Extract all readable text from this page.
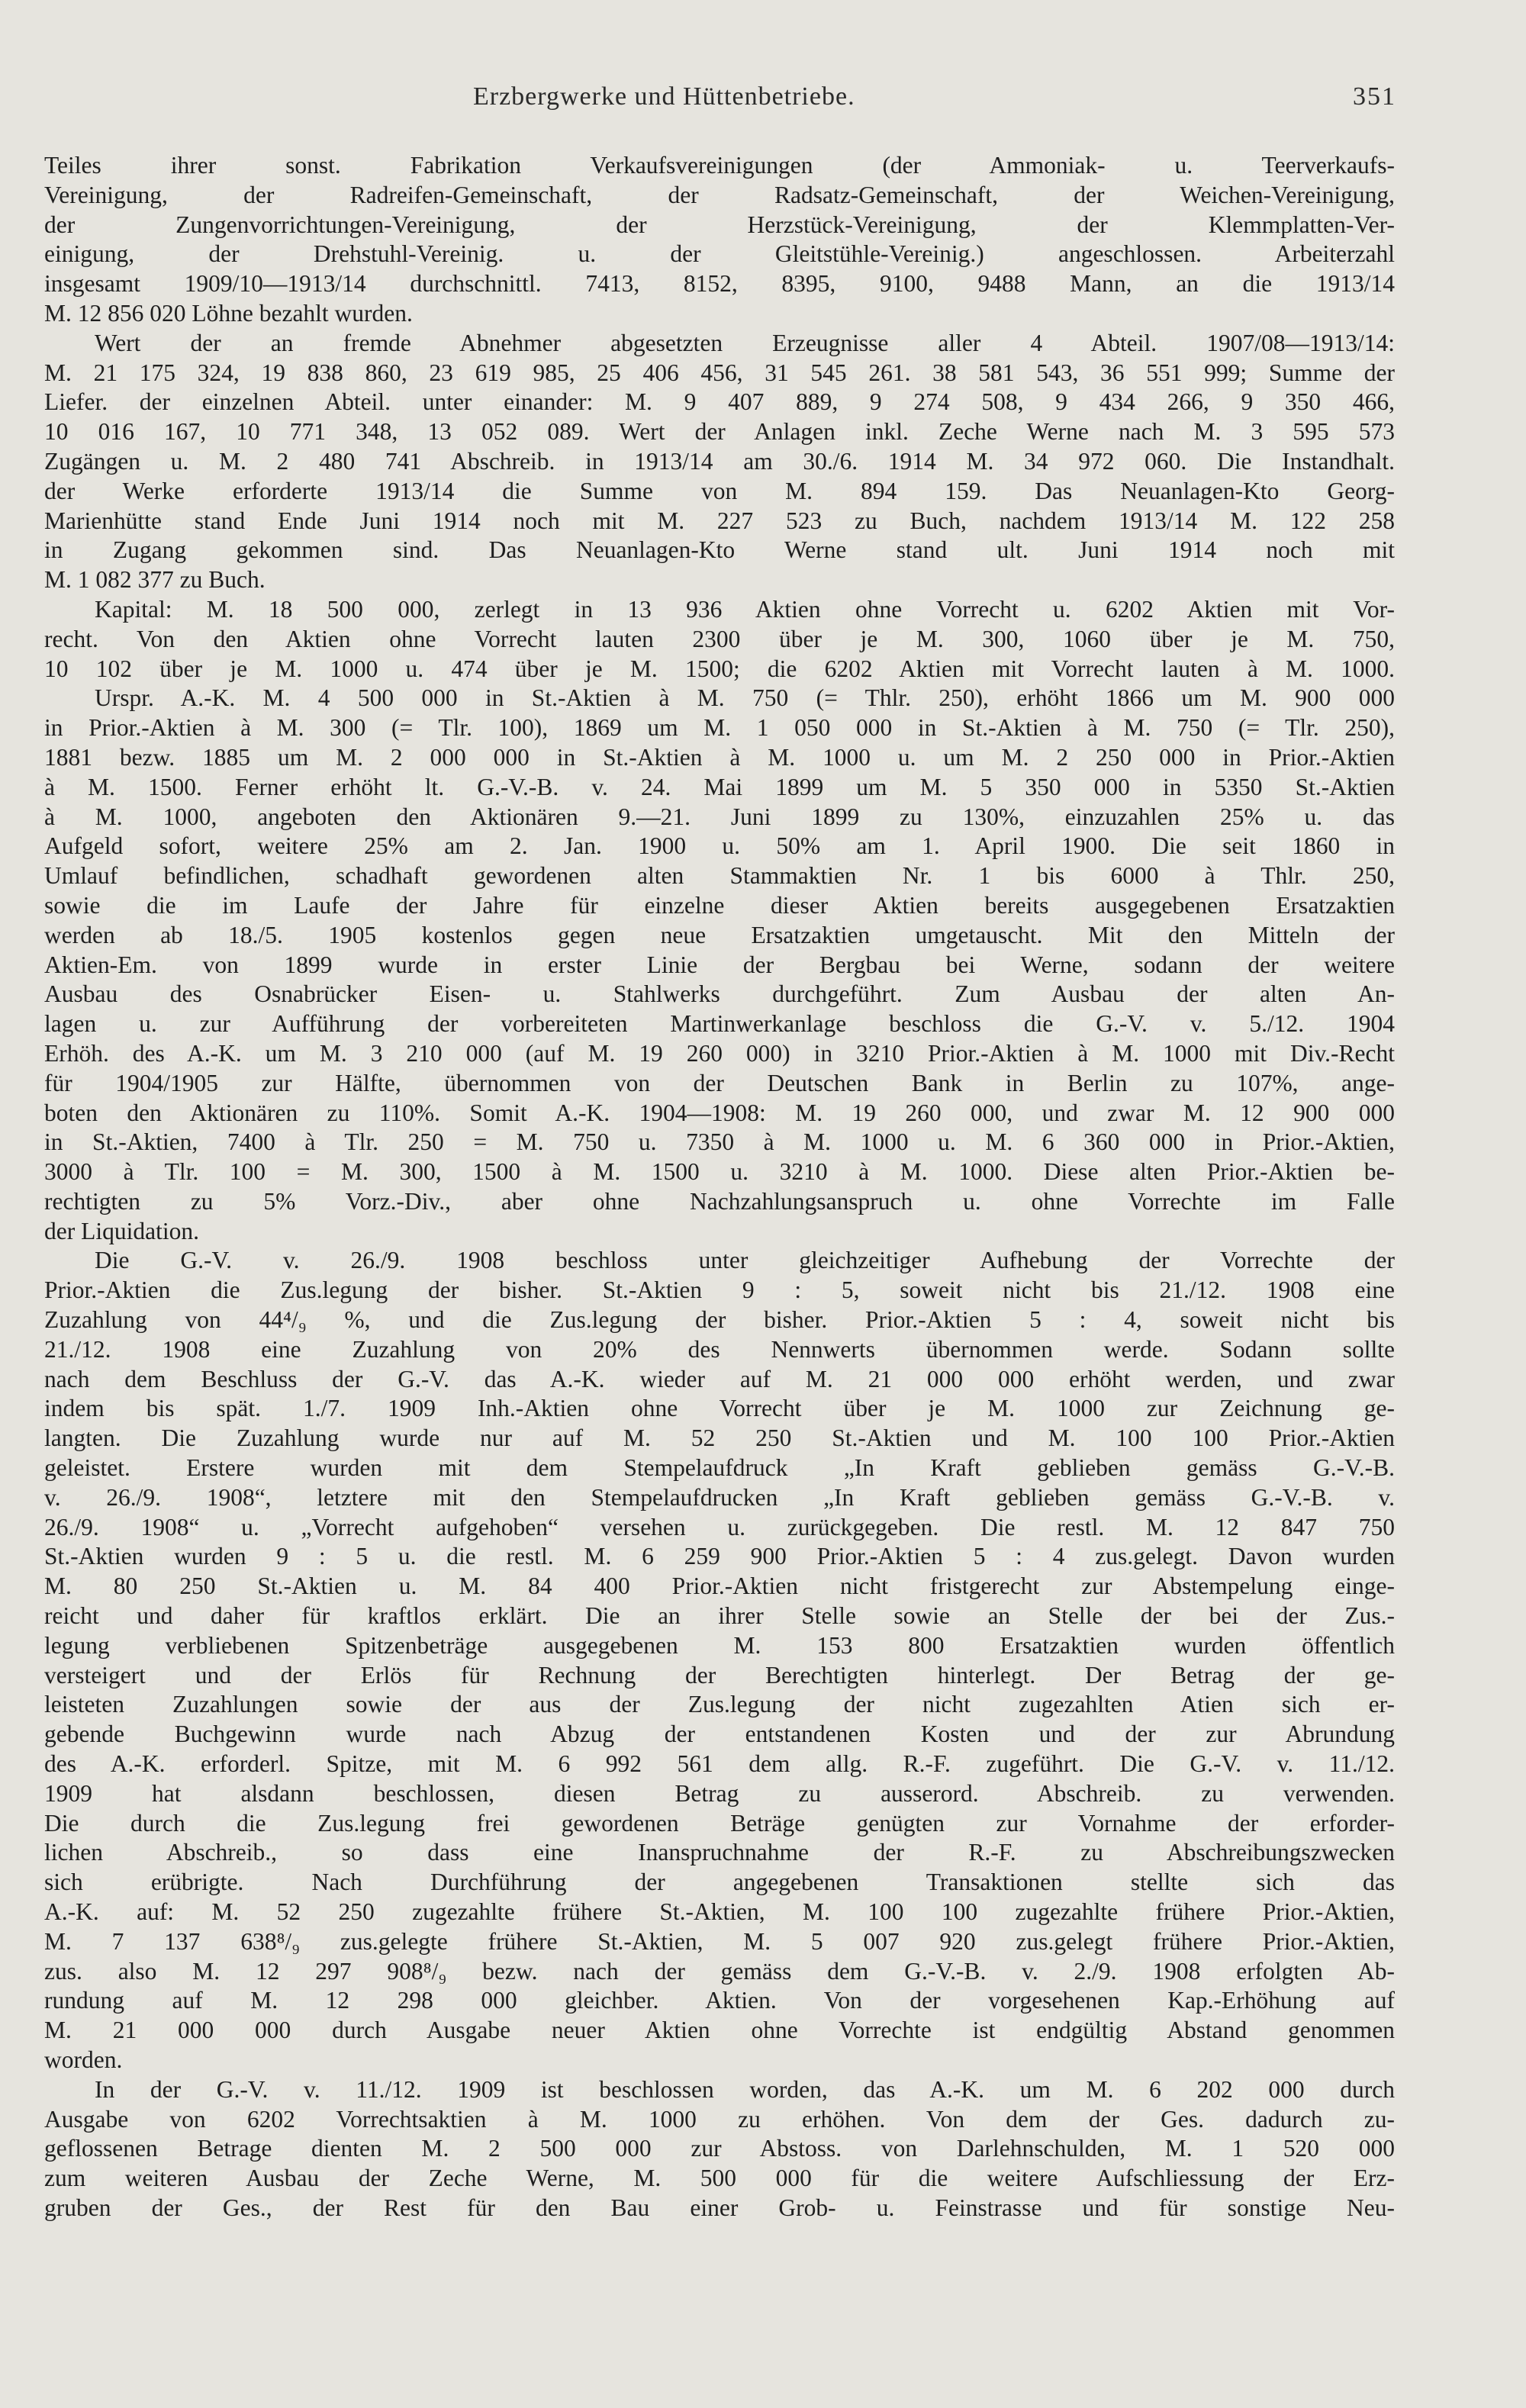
Erzbergwerke und Hüttenbetriebe.	351
Teiles ihrer sonst. Fabrikation Verkaufsvereinigungen (der Ammoniak- u. Teerverkaufs-
Vereinigung, der Radreifen-Gemeinschaft, der Radsatz-Gemeinschaft, der Weichen-Vereinigung,
der Zungenvorrichtungen-Vereinigung, der Herzstück-Vereinigung, der Klemmplatten-Ver-
einigung, der Drehstuhl-Vereinig. u. der Gleitstühle-Vereinig.) angeschlossen. Arbeiterzahl
insgesamt 1909/10—1913/14 durchschnittl. 7413, 8152, 8395, 9100, 9488 Mann, an die 1913/14
M. 12 856 020 Löhne bezahlt wurden.
Wert der an fremde Abnehmer abgesetzten Erzeugnisse aller 4 Abteil. 1907/08—1913/14:
M. 21 175 324, 19 838 860, 23 619 985, 25 406 456, 31 545 261. 38 581 543, 36 551 999; Summe der
Liefer. der einzelnen Abteil. unter einander: M. 9 407 889, 9 274 508, 9 434 266, 9 350 466,
10 016 167, 10 771 348, 13 052 089. Wert der Anlagen inkl. Zeche Werne nach M. 3 595 573
Zugängen u. M. 2 480 741 Abschreib. in 1913/14 am 30./6. 1914 M. 34 972 060. Die Instandhalt.
der Werke erforderte 1913/14 die Summe von M. 894 159. Das Neuanlagen-Kto Georg-
Marienhütte stand Ende Juni 1914 noch mit M. 227 523 zu Buch, nachdem 1913/14 M. 122 258
in Zugang gekommen sind. Das Neuanlagen-Kto Werne stand ult. Juni 1914 noch mit
M. 1 082 377 zu Buch.
Kapital: M. 18 500 000, zerlegt in 13 936 Aktien ohne Vorrecht u. 6202 Aktien mit Vor-
recht. Von den Aktien ohne Vorrecht lauten 2300 über je M. 300, 1060 über je M. 750,
10 102 über je M. 1000 u. 474 über je M. 1500; die 6202 Aktien mit Vorrecht lauten à M. 1000.
Urspr. A.-K. M. 4 500 000 in St.-Aktien à M. 750 (= Thlr. 250), erhöht 1866 um M. 900 000
in Prior.-Aktien à M. 300 (= Tlr. 100), 1869 um M. 1 050 000 in St.-Aktien à M. 750 (= Tlr. 250),
1881 bezw. 1885 um M. 2 000 000 in St.-Aktien à M. 1000 u. um M. 2 250 000 in Prior.-Aktien
à M. 1500. Ferner erhöht lt. G.-V.-B. v. 24. Mai 1899 um M. 5 350 000 in 5350 St.-Aktien
à M. 1000, angeboten den Aktionären 9.—21. Juni 1899 zu 130%, einzuzahlen 25% u. das
Aufgeld sofort, weitere 25% am 2. Jan. 1900 u. 50% am 1. April 1900. Die seit 1860 in
Umlauf befindlichen, schadhaft gewordenen alten Stammaktien Nr. 1 bis 6000 à Thlr. 250,
sowie die im Laufe der Jahre für einzelne dieser Aktien bereits ausgegebenen Ersatzaktien
werden ab 18./5. 1905 kostenlos gegen neue Ersatzaktien umgetauscht. Mit den Mitteln der
Aktien-Em. von 1899 wurde in erster Linie der Bergbau bei Werne, sodann der weitere
Ausbau des Osnabrücker Eisen- u. Stahlwerks durchgeführt. Zum Ausbau der alten An-
lagen u. zur Aufführung der vorbereiteten Martinwerkanlage beschloss die G.-V. v. 5./12. 1904
Erhöh. des A.-K. um M. 3 210 000 (auf M. 19 260 000) in 3210 Prior.-Aktien à M. 1000 mit Div.-Recht
für 1904/1905 zur Hälfte, übernommen von der Deutschen Bank in Berlin zu 107%, ange-
boten den Aktionären zu 110%. Somit A.-K. 1904—1908: M. 19 260 000, und zwar M. 12 900 000
in St.-Aktien, 7400 à Tlr. 250 = M. 750 u. 7350 à M. 1000 u. M. 6 360 000 in Prior.-Aktien,
3000 à Tlr. 100 = M. 300, 1500 à M. 1500 u. 3210 à M. 1000. Diese alten Prior.-Aktien be-
rechtigten zu 5% Vorz.-Div., aber ohne Nachzahlungsanspruch u. ohne Vorrechte im Falle
der Liquidation.
Die G.-V. v. 26./9. 1908 beschloss unter gleichzeitiger Aufhebung der Vorrechte der
Prior.-Aktien die Zus.legung der bisher. St.-Aktien 9 : 5, soweit nicht bis 21./12. 1908 eine
Zuzahlung von 44⁴/₉ %, und die Zus.legung der bisher. Prior.-Aktien 5 : 4, soweit nicht bis
21./12. 1908 eine Zuzahlung von 20% des Nennwerts übernommen werde. Sodann sollte
nach dem Beschluss der G.-V. das A.-K. wieder auf M. 21 000 000 erhöht werden, und zwar
indem bis spät. 1./7. 1909 Inh.-Aktien ohne Vorrecht über je M. 1000 zur Zeichnung ge-
langten. Die Zuzahlung wurde nur auf M. 52 250 St.-Aktien und M. 100 100 Prior.-Aktien
geleistet. Erstere wurden mit dem Stempelaufdruck „In Kraft geblieben gemäss G.-V.-B.
v. 26./9. 1908“, letztere mit den Stempelaufdrucken „In Kraft geblieben gemäss G.-V.-B. v.
26./9. 1908“ u. „Vorrecht aufgehoben“ versehen u. zurückgegeben. Die restl. M. 12 847 750
St.-Aktien wurden 9 : 5 u. die restl. M. 6 259 900 Prior.-Aktien 5 : 4 zus.gelegt. Davon wurden
M. 80 250 St.-Aktien u. M. 84 400 Prior.-Aktien nicht fristgerecht zur Abstempelung einge-
reicht und daher für kraftlos erklärt. Die an ihrer Stelle sowie an Stelle der bei der Zus.-
legung verbliebenen Spitzenbeträge ausgegebenen M. 153 800 Ersatzaktien wurden öffentlich
versteigert und der Erlös für Rechnung der Berechtigten hinterlegt. Der Betrag der ge-
leisteten Zuzahlungen sowie der aus der Zus.legung der nicht zugezahlten Atien sich er-
gebende Buchgewinn wurde nach Abzug der entstandenen Kosten und der zur Abrundung
des A.-K. erforderl. Spitze, mit M. 6 992 561 dem allg. R.-F. zugeführt. Die G.-V. v. 11./12.
1909 hat alsdann beschlossen, diesen Betrag zu ausserord. Abschreib. zu verwenden.
Die durch die Zus.legung frei gewordenen Beträge genügten zur Vornahme der erforder-
lichen Abschreib., so dass eine Inanspruchnahme der R.-F. zu Abschreibungszwecken
sich erübrigte. Nach Durchführung der angegebenen Transaktionen stellte sich das
A.-K. auf: M. 52 250 zugezahlte frühere St.-Aktien, M. 100 100 zugezahlte frühere Prior.-Aktien,
M. 7 137 638⁸/₉ zus.gelegte frühere St.-Aktien, M. 5 007 920 zus.gelegt frühere Prior.-Aktien,
zus. also M. 12 297 908⁸/₉ bezw. nach der gemäss dem G.-V.-B. v. 2./9. 1908 erfolgten Ab-
rundung auf M. 12 298 000 gleichber. Aktien. Von der vorgesehenen Kap.-Erhöhung auf
M. 21 000 000 durch Ausgabe neuer Aktien ohne Vorrechte ist endgültig Abstand genommen
worden.
In der G.-V. v. 11./12. 1909 ist beschlossen worden, das A.-K. um M. 6 202 000 durch
Ausgabe von 6202 Vorrechtsaktien à M. 1000 zu erhöhen. Von dem der Ges. dadurch zu-
geflossenen Betrage dienten M. 2 500 000 zur Abstoss. von Darlehnschulden, M. 1 520 000
zum weiteren Ausbau der Zeche Werne, M. 500 000 für die weitere Aufschliessung der Erz-
gruben der Ges., der Rest für den Bau einer Grob- u. Feinstrasse und für sonstige Neu-
